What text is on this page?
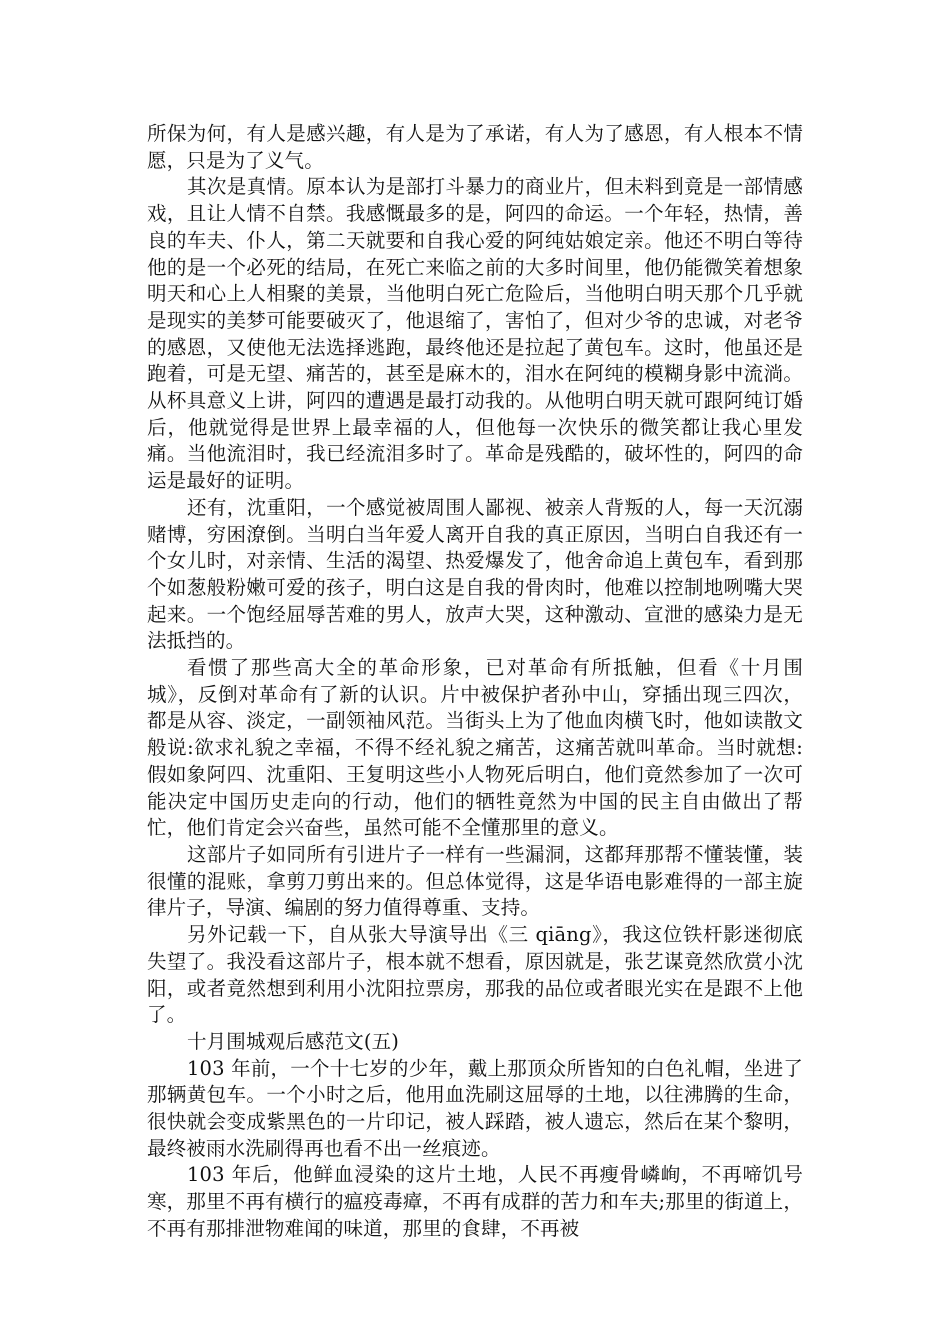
所保为何，有人是感兴趣，有人是为了承诺，有人为了感恩，有人根本不情愿，只是为了义气。

其次是真情。原本认为是部打斗暴力的商业片，但未料到竟是一部情感戏，且让人情不自禁。我感慨最多的是，阿四的命运。一个年轻，热情，善良的车夫、仆人，第二天就要和自我心爱的阿纯姑娘定亲。他还不明白等待他的是一个必死的结局，在死亡来临之前的大多时间里，他仍能微笑着想象明天和心上人相聚的美景，当他明白死亡危险后，当他明白明天那个几乎就是现实的美梦可能要破灭了，他退缩了，害怕了，但对少爷的忠诚，对老爷的感恩，又使他无法选择逃跑，最终他还是拉起了黄包车。这时，他虽还是跑着，可是无望、痛苦的，甚至是麻木的，泪水在阿纯的模糊身影中流淌。从杯具意义上讲，阿四的遭遇是最打动我的。从他明白明天就可跟阿纯订婚后，他就觉得是世界上最幸福的人，但他每一次快乐的微笑都让我心里发痛。当他流泪时，我已经流泪多时了。革命是残酷的，破坏性的，阿四的命运是最好的证明。

还有，沈重阳，一个感觉被周围人鄙视、被亲人背叛的人，每一天沉溺赌博，穷困潦倒。当明白当年爱人离开自我的真正原因，当明白自我还有一个女儿时，对亲情、生活的渴望、热爱爆发了，他舍命追上黄包车，看到那个如葱般粉嫩可爱的孩子，明白这是自我的骨肉时，他难以控制地咧嘴大哭起来。一个饱经屈辱苦难的男人，放声大哭，这种激动、宣泄的感染力是无法抵挡的。

看惯了那些高大全的革命形象，已对革命有所抵触，但看《十月围城》，反倒对革命有了新的认识。片中被保护者孙中山，穿插出现三四次，都是从容、淡定，一副领袖风范。当街头上为了他血肉横飞时，他如读散文般说:欲求礼貌之幸福，不得不经礼貌之痛苦，这痛苦就叫革命。当时就想:假如象阿四、沈重阳、王复明这些小人物死后明白，他们竟然参加了一次可能决定中国历史走向的行动，他们的牺牲竟然为中国的民主自由做出了帮忙，他们肯定会兴奋些，虽然可能不全懂那里的意义。

这部片子如同所有引进片子一样有一些漏洞，这都拜那帮不懂装懂，装很懂的混账，拿剪刀剪出来的。但总体觉得，这是华语电影难得的一部主旋律片子，导演、编剧的努力值得尊重、支持。

另外记载一下，自从张大导演导出《三 qiāng》，我这位铁杆影迷彻底失望了。我没看这部片子，根本就不想看，原因就是，张艺谋竟然欣赏小沈阳，或者竟然想到利用小沈阳拉票房，那我的品位或者眼光实在是跟不上他了。

十月围城观后感范文(五)

103 年前，一个十七岁的少年，戴上那顶众所皆知的白色礼帽，坐进了那辆黄包车。一个小时之后，他用血洗刷这屈辱的土地，以往沸腾的生命，很快就会变成紫黑色的一片印记，被人踩踏，被人遗忘，然后在某个黎明，最终被雨水洗刷得再也看不出一丝痕迹。

103 年后，他鲜血浸染的这片土地，人民不再瘦骨嶙峋，不再啼饥号寒，那里不再有横行的瘟疫毒瘴，不再有成群的苦力和车夫;那里的街道上，不再有那排泄物难闻的味道，那里的食肆，不再被
